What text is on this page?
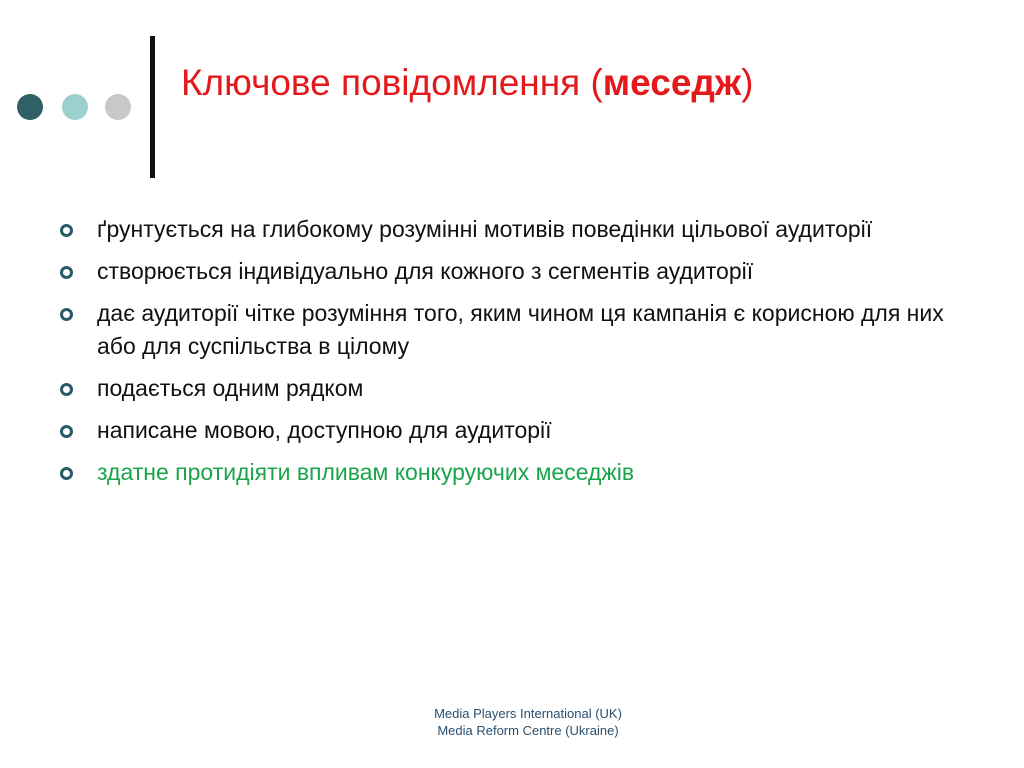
Ключове повідомлення (меседж)
ґрунтується на глибокому розумінні мотивів поведінки цільової аудиторії
створюється індивідуально для кожного з сегментів аудиторії
дає аудиторії чітке розуміння того, яким чином ця кампанія є корисною для них або для суспільства в цілому
подається одним рядком
написане мовою, доступною для аудиторії
здатне протидіяти впливам конкуруючих меседжів
Media Players International (UK)
Media Reform Centre (Ukraine)
